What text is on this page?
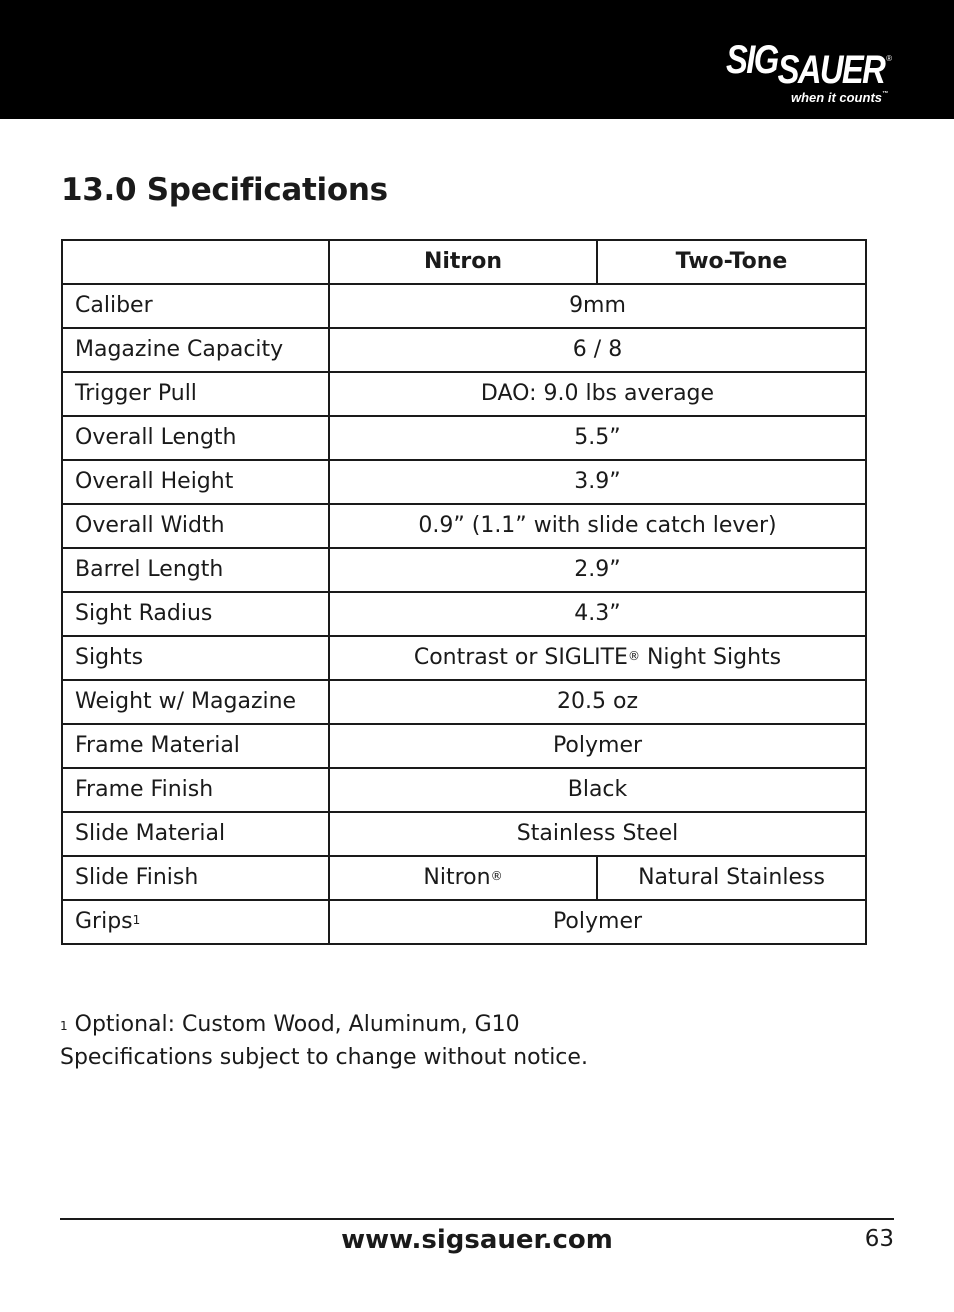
SIGSAUER ®
when it counts™
13.0 Specifications
	Nitron	Two-Tone
Caliber	9mm	
Magazine Capacity	6 / 8	
Trigger Pull	DAO: 9.0 lbs average	
Overall Length	5.5”	
Overall Height	3.9”	
Overall Width	0.9” (1.1” with slide catch lever)	
Barrel Length	2.9”	
Sight Radius	4.3”	
Sights	Contrast or SIGLITE® Night Sights	
Weight w/ Magazine	20.5 oz	
Frame Material	Polymer	
Frame Finish	Black	
Slide Material	Stainless Steel	
Slide Finish	Nitron®	Natural Stainless
Grips$^1$	Polymer	
$^1$ Optional: Custom Wood, Aluminum, G10
Specifications subject to change without notice.
www.sigsauer.com	63
